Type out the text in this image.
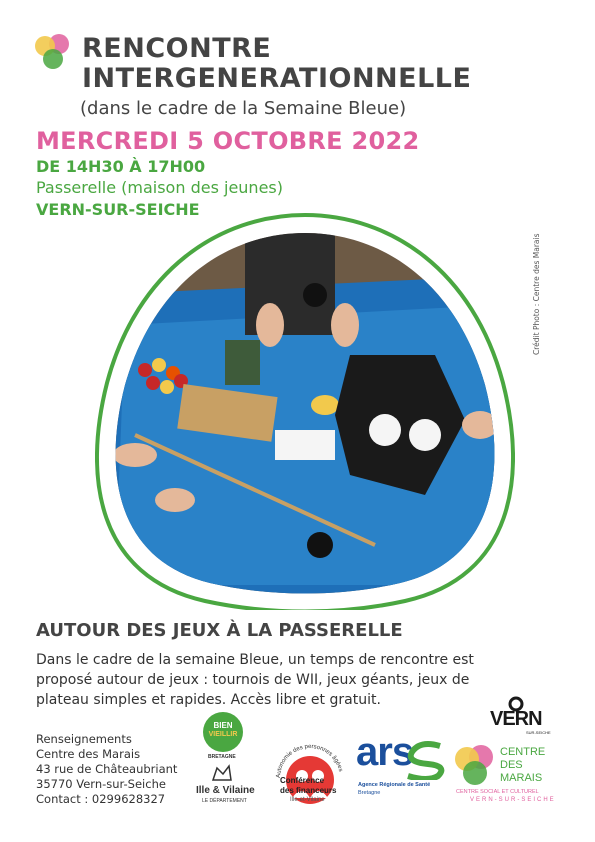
RENCONTRE
INTERGENERATIONNELLE
(dans le cadre de la Semaine Bleue)
MERCREDI 5 OCTOBRE 2022
DE 14H30 À 17H00
Passerelle (maison des jeunes)
VERN-SUR-SEICHE
Crédit Photo : Centre des Marais
AUTOUR DES JEUX À LA PASSERELLE
Dans le cadre de la semaine Bleue, un temps de rencontre est proposé autour de jeux : tournois de WII, jeux géants, jeux de plateau simples et rapides. Accès libre et gratuit.
Renseignements
Centre des Marais
43 rue de Châteaubriant
35770 Vern-sur-Seiche
Contact : 0299628327
BIEN
VIEILLIR
BRETAGNE
Ille & Vilaine
LE DÉPARTEMENT
Autonomie des personnes âgées
Conférence
des financeurs
Ille-et-Vilaine
ars
Agence Régionale de Santé
Bretagne
VERN
SUR-SEICHE
CENTRE
DES
MARAIS
CENTRE SOCIAL ET CULTUREL
VERN-SUR-SEICHE
